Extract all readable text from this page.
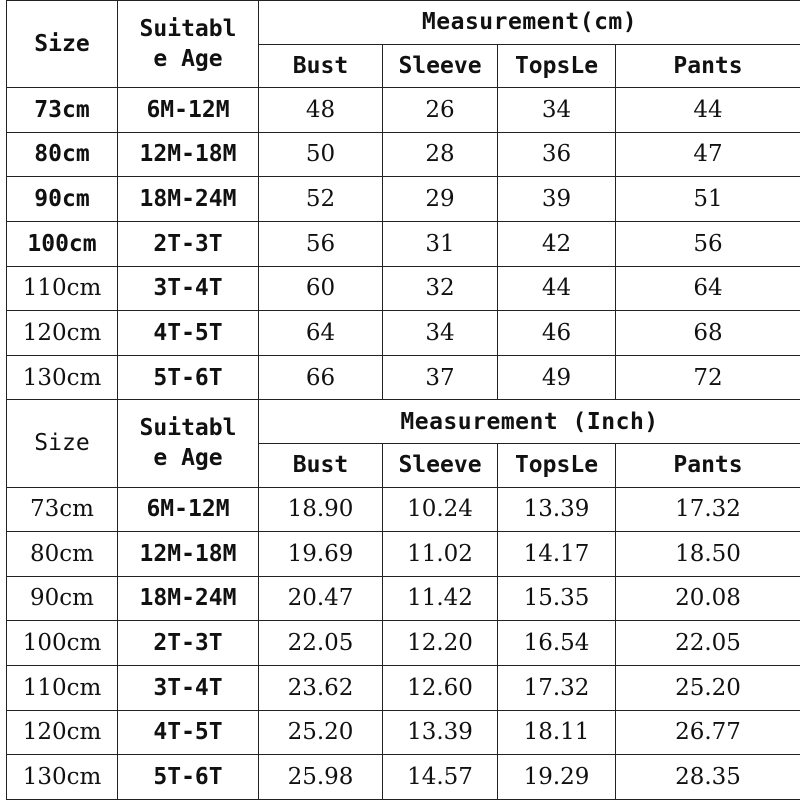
Size	Suitabl
e Age	Measurement(cm)			
		Bust	Sleeve	TopsLe	Pants
73cm	6M-12M	48	26	34	44
80cm	12M-18M	50	28	36	47
90cm	18M-24M	52	29	39	51
100cm	2T-3T	56	31	42	56
110cm	3T-4T	60	32	44	64
120cm	4T-5T	64	34	46	68
130cm	5T-6T	66	37	49	72
Size	Suitabl
e Age	Measurement (Inch)			
		Bust	Sleeve	TopsLe	Pants
73cm	6M-12M	18.90	10.24	13.39	17.32
80cm	12M-18M	19.69	11.02	14.17	18.50
90cm	18M-24M	20.47	11.42	15.35	20.08
100cm	2T-3T	22.05	12.20	16.54	22.05
110cm	3T-4T	23.62	12.60	17.32	25.20
120cm	4T-5T	25.20	13.39	18.11	26.77
130cm	5T-6T	25.98	14.57	19.29	28.35
